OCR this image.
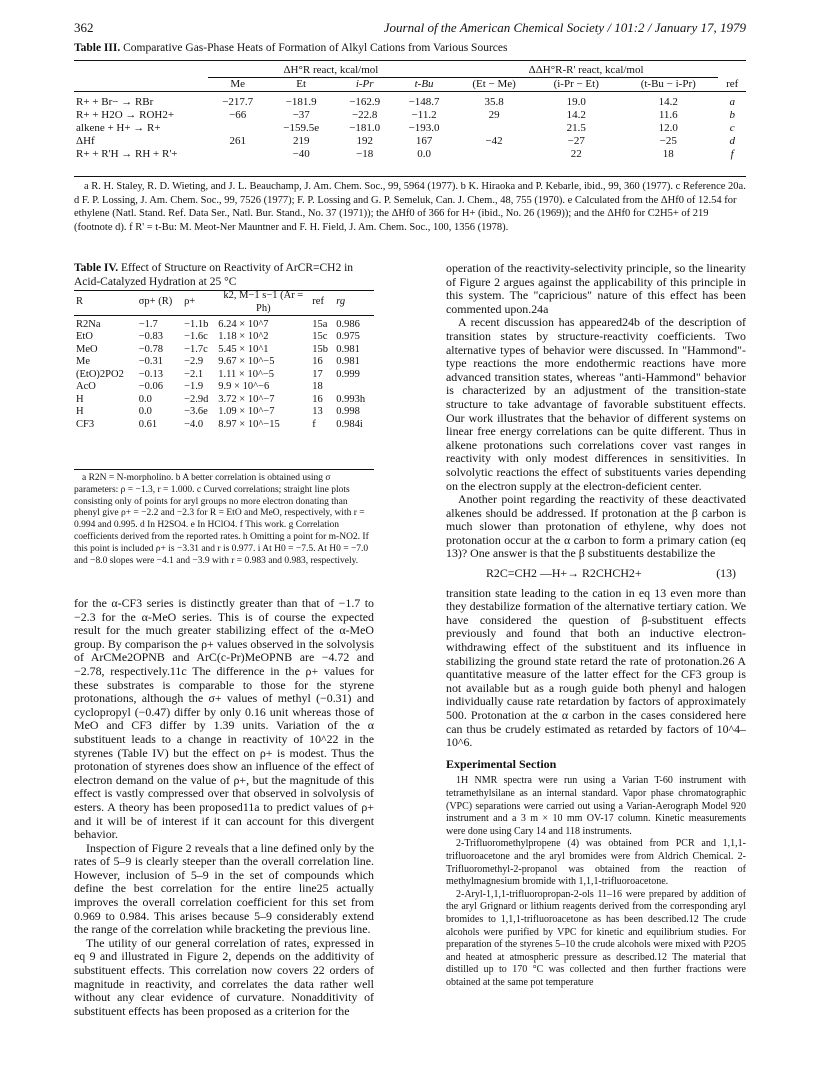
362	Journal of the American Chemical Society / 101:2 / January 17, 1979
Table III. Comparative Gas-Phase Heats of Formation of Alkyl Cations from Various Sources
	ΔH°R react, kcal/mol				ΔΔH°R-R' react, kcal/mol			
	Me	Et	i-Pr	t-Bu	(Et − Me)	(i-Pr − Et)	(t-Bu − i-Pr)	ref

R+ + Br− → RBr	−217.7	−181.9	−162.9	−148.7	35.8	19.0	14.2	a
R+ + H2O → ROH2+	−66	−37	−22.8	−11.2	29	14.2	11.6	b
alkene + H+ → R+		−159.5e	−181.0	−193.0		21.5	12.0	c
ΔHf	261	219	192	167	−42	−27	−25	d
R+ + R'H → RH + R'+		−40	−18	0.0		22	18	f

a R. H. Staley, R. D. Wieting, and J. L. Beauchamp, J. Am. Chem. Soc., 99, 5964 (1977). b K. Hiraoka and P. Kebarle, ibid., 99, 360 (1977). c Reference 20a. d F. P. Lossing, J. Am. Chem. Soc., 99, 7526 (1977); F. P. Lossing and G. P. Semeluk, Can. J. Chem., 48, 755 (1970). e Calculated from the ΔHf0 of 12.54 for ethylene (Natl. Stand. Ref. Data Ser., Natl. Bur. Stand., No. 37 (1971)); the ΔHf0 of 366 for H+ (ibid., No. 26 (1969)); and the ΔHf0 for C2H5+ of 219 (footnote d). f R' = t-Bu: M. Meot-Ner Mauntner and F. H. Field, J. Am. Chem. Soc., 100, 1356 (1978).

Table IV. Effect of Structure on Reactivity of ArCR=CH2 in Acid-Catalyzed Hydration at 25 °C
R	σp+ (R)	ρ+	k2, M−1 s−1 (Ar = Ph)	ref	rg

R2Na	−1.7	−1.1b	6.24 × 10^7	15a	0.986
EtO	−0.83	−1.6c	1.18 × 10^2	15c	0.975
MeO	−0.78	−1.7c	5.45 × 10^1	15b	0.981
Me	−0.31	−2.9	9.67 × 10^−5	16	0.981
(EtO)2PO2	−0.13	−2.1	1.11 × 10^−5	17	0.999
AcO	−0.06	−1.9	9.9 × 10^−6	18	
H	0.0	−2.9d	3.72 × 10^−7	16	0.993h
H	0.0	−3.6e	1.09 × 10^−7	13	0.998
CF3	0.61	−4.0	8.97 × 10^−15	f	0.984i

a R2N = N-morpholino. b A better correlation is obtained using σ parameters: ρ = −1.3, r = 1.000. c Curved correlations; straight line plots consisting only of points for aryl groups no more electron donating than phenyl give ρ+ = −2.2 and −2.3 for R = EtO and MeO, respectively, with r = 0.994 and 0.995. d In H2SO4. e In HClO4. f This work. g Correlation coefficients derived from the reported rates. h Omitting a point for m-NO2. If this point is included ρ+ is −3.31 and r is 0.977. i At H0 = −7.5. At H0 = −7.0 and −8.0 slopes were −4.1 and −3.9 with r = 0.983 and 0.983, respectively.

for the α-CF3 series is distinctly greater than that of −1.7 to −2.3 for the α-MeO series. This is of course the expected result for the much greater stabilizing effect of the α-MeO group. By comparison the ρ+ values observed in the solvolysis of ArCMe2OPNB and ArC(c-Pr)MeOPNB are −4.72 and −2.78, respectively.11c The difference in the ρ+ values for these substrates is comparable to those for the styrene protonations, although the σ+ values of methyl (−0.31) and cyclopropyl (−0.47) differ by only 0.16 unit whereas those of MeO and CF3 differ by 1.39 units. Variation of the α substituent leads to a change in reactivity of 10^22 in the styrenes (Table IV) but the effect on ρ+ is modest. Thus the protonation of styrenes does show an influence of the effect of electron demand on the value of ρ+, but the magnitude of this effect is vastly compressed over that observed in solvolysis of esters. A theory has been proposed11a to predict values of ρ+ and it will be of interest if it can account for this divergent behavior.

Inspection of Figure 2 reveals that a line defined only by the rates of 5–9 is clearly steeper than the overall correlation line. However, inclusion of 5–9 in the set of compounds which define the best correlation for the entire line25 actually improves the overall correlation coefficient for this set from 0.969 to 0.984. This arises because 5–9 considerably extend the range of the correlation while bracketing the previous line.

The utility of our general correlation of rates, expressed in eq 9 and illustrated in Figure 2, depends on the additivity of substituent effects. This correlation now covers 22 orders of magnitude in reactivity, and correlates the data rather well without any clear evidence of curvature. Nonadditivity of substituent effects has been proposed as a criterion for the

operation of the reactivity-selectivity principle, so the linearity of Figure 2 argues against the applicability of this principle in this system. The "capricious" nature of this effect has been commented upon.24a

A recent discussion has appeared24b of the description of transition states by structure-reactivity coefficients. Two alternative types of behavior were discussed. In "Hammond"-type reactions the more endothermic reactions have more advanced transition states, whereas "anti-Hammond" behavior is characterized by an adjustment of the transition-state structure to take advantage of favorable substituent effects. Our work illustrates that the behavior of different systems on linear free energy correlations can be quite different. Thus in alkene protonations such correlations cover vast ranges in reactivity with only modest differences in sensitivities. In solvolytic reactions the effect of substituents varies depending on the electron supply at the electron-deficient center.

Another point regarding the reactivity of these deactivated alkenes should be addressed. If protonation at the β carbon is much slower than protonation of ethylene, why does not protonation occur at the α carbon to form a primary cation (eq 13)? One answer is that the β substituents destabilize the

R2C=CH2 —H+→ R2CHCH2+	(13)

transition state leading to the cation in eq 13 even more than they destabilize formation of the alternative tertiary cation. We have considered the question of β-substituent effects previously and found that both an inductive electron-withdrawing effect of the substituent and its influence in stabilizing the ground state retard the rate of protonation.26 A quantitative measure of the latter effect for the CF3 group is not available but as a rough guide both phenyl and halogen individually cause rate retardation by factors of approximately 500. Protonation at the α carbon in the cases considered here can thus be crudely estimated as retarded by factors of 10^4–10^6.

Experimental Section

1H NMR spectra were run using a Varian T-60 instrument with tetramethylsilane as an internal standard. Vapor phase chromatographic (VPC) separations were carried out using a Varian-Aerograph Model 920 instrument and a 3 m × 10 mm OV-17 column. Kinetic measurements were done using Cary 14 and 118 instruments.

2-Trifluoromethylpropene (4) was obtained from PCR and 1,1,1-trifluoroacetone and the aryl bromides were from Aldrich Chemical. 2-Trifluoromethyl-2-propanol was obtained from the reaction of methylmagnesium bromide with 1,1,1-trifluoroacetone.

2-Aryl-1,1,1-trifluoropropan-2-ols 11–16 were prepared by addition of the aryl Grignard or lithium reagents derived from the corresponding aryl bromides to 1,1,1-trifluoroacetone as has been described.12 The crude alcohols were purified by VPC for kinetic and equilibrium studies. For preparation of the styrenes 5–10 the crude alcohols were mixed with P2O5 and heated at atmospheric pressure as described.12 The material that distilled up to 170 °C was collected and then further fractions were obtained at the same pot temperature
